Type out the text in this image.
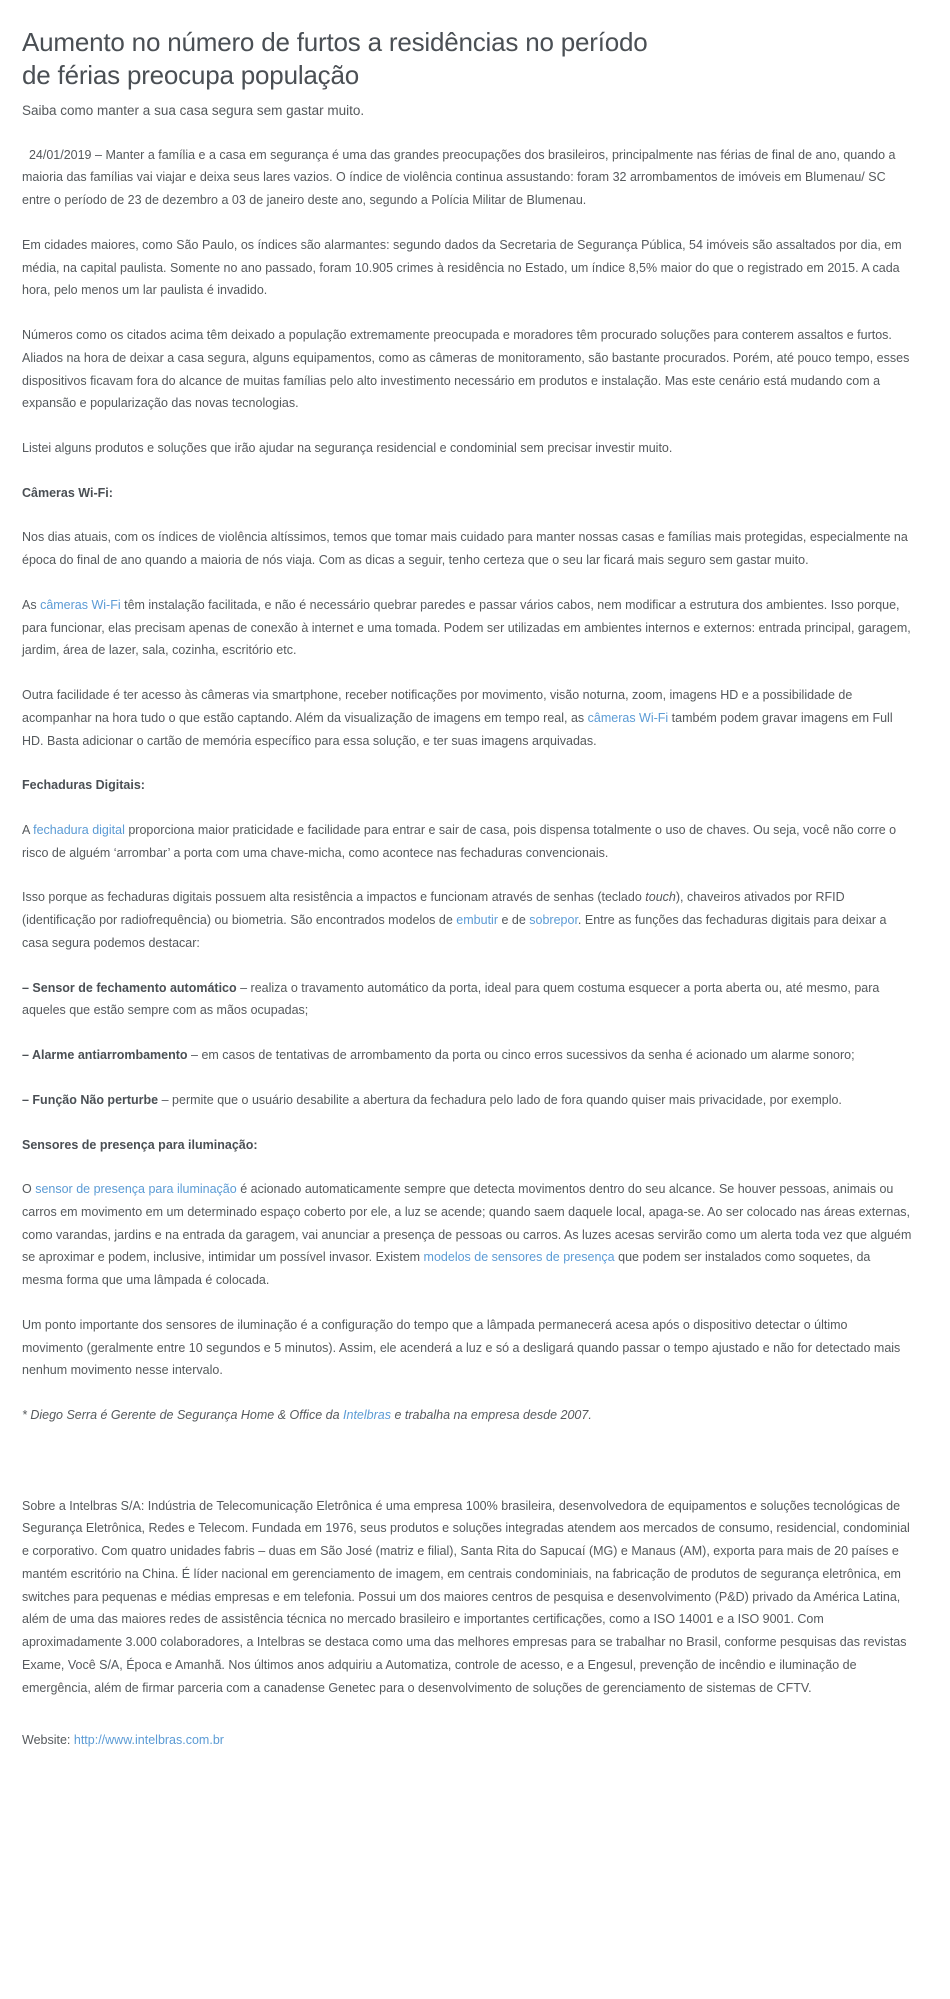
Aumento no número de furtos a residências no período de férias preocupa população
Saiba como manter a sua casa segura sem gastar muito.

24/01/2019 – Manter a família e a casa em segurança é uma das grandes preocupações dos brasileiros, principalmente nas férias de final de ano, quando a maioria das famílias vai viajar e deixa seus lares vazios. O índice de violência continua assustando: foram 32 arrombamentos de imóveis em Blumenau/ SC entre o período de 23 de dezembro a 03 de janeiro deste ano, segundo a Polícia Militar de Blumenau.

Em cidades maiores, como São Paulo, os índices são alarmantes: segundo dados da Secretaria de Segurança Pública, 54 imóveis são assaltados por dia, em média, na capital paulista. Somente no ano passado, foram 10.905 crimes à residência no Estado, um índice 8,5% maior do que o registrado em 2015. A cada hora, pelo menos um lar paulista é invadido.

Números como os citados acima têm deixado a população extremamente preocupada e moradores têm procurado soluções para conterem assaltos e furtos. Aliados na hora de deixar a casa segura, alguns equipamentos, como as câmeras de monitoramento, são bastante procurados. Porém, até pouco tempo, esses dispositivos ficavam fora do alcance de muitas famílias pelo alto investimento necessário em produtos e instalação. Mas este cenário está mudando com a expansão e popularização das novas tecnologias.

Listei alguns produtos e soluções que irão ajudar na segurança residencial e condominial sem precisar investir muito.

Câmeras Wi-Fi:

Nos dias atuais, com os índices de violência altíssimos, temos que tomar mais cuidado para manter nossas casas e famílias mais protegidas, especialmente na época do final de ano quando a maioria de nós viaja. Com as dicas a seguir, tenho certeza que o seu lar ficará mais seguro sem gastar muito.

As câmeras Wi-Fi têm instalação facilitada, e não é necessário quebrar paredes e passar vários cabos, nem modificar a estrutura dos ambientes. Isso porque, para funcionar, elas precisam apenas de conexão à internet e uma tomada. Podem ser utilizadas em ambientes internos e externos: entrada principal, garagem, jardim, área de lazer, sala, cozinha, escritório etc.

Outra facilidade é ter acesso às câmeras via smartphone, receber notificações por movimento, visão noturna, zoom, imagens HD e a possibilidade de acompanhar na hora tudo o que estão captando. Além da visualização de imagens em tempo real, as câmeras Wi-Fi também podem gravar imagens em Full HD. Basta adicionar o cartão de memória específico para essa solução, e ter suas imagens arquivadas.

Fechaduras Digitais:

A fechadura digital proporciona maior praticidade e facilidade para entrar e sair de casa, pois dispensa totalmente o uso de chaves. Ou seja, você não corre o risco de alguém ‘arrombar’ a porta com uma chave-micha, como acontece nas fechaduras convencionais.

Isso porque as fechaduras digitais possuem alta resistência a impactos e funcionam através de senhas (teclado touch), chaveiros ativados por RFID (identificação por radiofrequência) ou biometria. São encontrados modelos de embutir e de sobrepor. Entre as funções das fechaduras digitais para deixar a casa segura podemos destacar:

– Sensor de fechamento automático – realiza o travamento automático da porta, ideal para quem costuma esquecer a porta aberta ou, até mesmo, para aqueles que estão sempre com as mãos ocupadas;

– Alarme antiarrombamento – em casos de tentativas de arrombamento da porta ou cinco erros sucessivos da senha é acionado um alarme sonoro;

– Função Não perturbe – permite que o usuário desabilite a abertura da fechadura pelo lado de fora quando quiser mais privacidade, por exemplo.

Sensores de presença para iluminação:

O sensor de presença para iluminação é acionado automaticamente sempre que detecta movimentos dentro do seu alcance. Se houver pessoas, animais ou carros em movimento em um determinado espaço coberto por ele, a luz se acende; quando saem daquele local, apaga-se. Ao ser colocado nas áreas externas, como varandas, jardins e na entrada da garagem, vai anunciar a presença de pessoas ou carros. As luzes acesas servirão como um alerta toda vez que alguém se aproximar e podem, inclusive, intimidar um possível invasor. Existem modelos de sensores de presença que podem ser instalados como soquetes, da mesma forma que uma lâmpada é colocada.

Um ponto importante dos sensores de iluminação é a configuração do tempo que a lâmpada permanecerá acesa após o dispositivo detectar o último movimento (geralmente entre 10 segundos e 5 minutos). Assim, ele acenderá a luz e só a desligará quando passar o tempo ajustado e não for detectado mais nenhum movimento nesse intervalo.

* Diego Serra é Gerente de Segurança Home & Office da Intelbras e trabalha na empresa desde 2007.

Sobre a Intelbras S/A: Indústria de Telecomunicação Eletrônica é uma empresa 100% brasileira, desenvolvedora de equipamentos e soluções tecnológicas de Segurança Eletrônica, Redes e Telecom. Fundada em 1976, seus produtos e soluções integradas atendem aos mercados de consumo, residencial, condominial e corporativo. Com quatro unidades fabris – duas em São José (matriz e filial), Santa Rita do Sapucaí (MG) e Manaus (AM), exporta para mais de 20 países e mantém escritório na China. É líder nacional em gerenciamento de imagem, em centrais condominiais, na fabricação de produtos de segurança eletrônica, em switches para pequenas e médias empresas e em telefonia. Possui um dos maiores centros de pesquisa e desenvolvimento (P&D) privado da América Latina, além de uma das maiores redes de assistência técnica no mercado brasileiro e importantes certificações, como a ISO 14001 e a ISO 9001. Com aproximadamente 3.000 colaboradores, a Intelbras se destaca como uma das melhores empresas para se trabalhar no Brasil, conforme pesquisas das revistas Exame, Você S/A, Época e Amanhã. Nos últimos anos adquiriu a Automatiza, controle de acesso, e a Engesul, prevenção de incêndio e iluminação de emergência, além de firmar parceria com a canadense Genetec para o desenvolvimento de soluções de gerenciamento de sistemas de CFTV.

Website: http://www.intelbras.com.br
